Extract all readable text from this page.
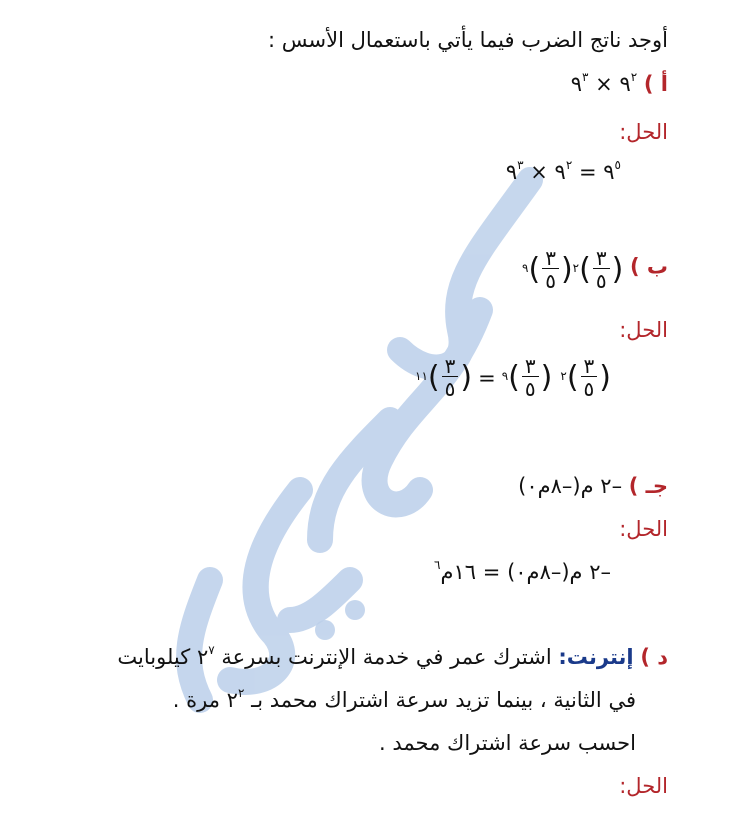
أوجد ناتج الضرب فيما يأتي باستعمال الأسس :
أ ) $٩^٢$ × $٩^٣$
الحل:
$٩^٥$ = $٩^٢$ × $٩^٣$
ب )
$^٩$ ( $\frac{٣}{٥} )^٢$ ( $\frac{٣}{٥}$ )
الحل:
$^{١١}$ ( $\frac{٣}{٥}$ ) = $^٩$ ( $\frac{٣}{٥}$ ) $^٢$ ( $\frac{٣}{٥}$ )
جـ ) –٢ م(–٨م٠)
الحل:
–٢ م(–٨م٠) = ١٦م$^٦$
د ) إنترنت: اشترك عمر في خدمة الإنترنت بسرعة $٢^٧$ كيلوبايت
في الثانية ، بينما تزيد سرعة اشتراك محمد بـ $٢^٢$ مرة .
احسب سرعة اشتراك محمد .
الحل:
